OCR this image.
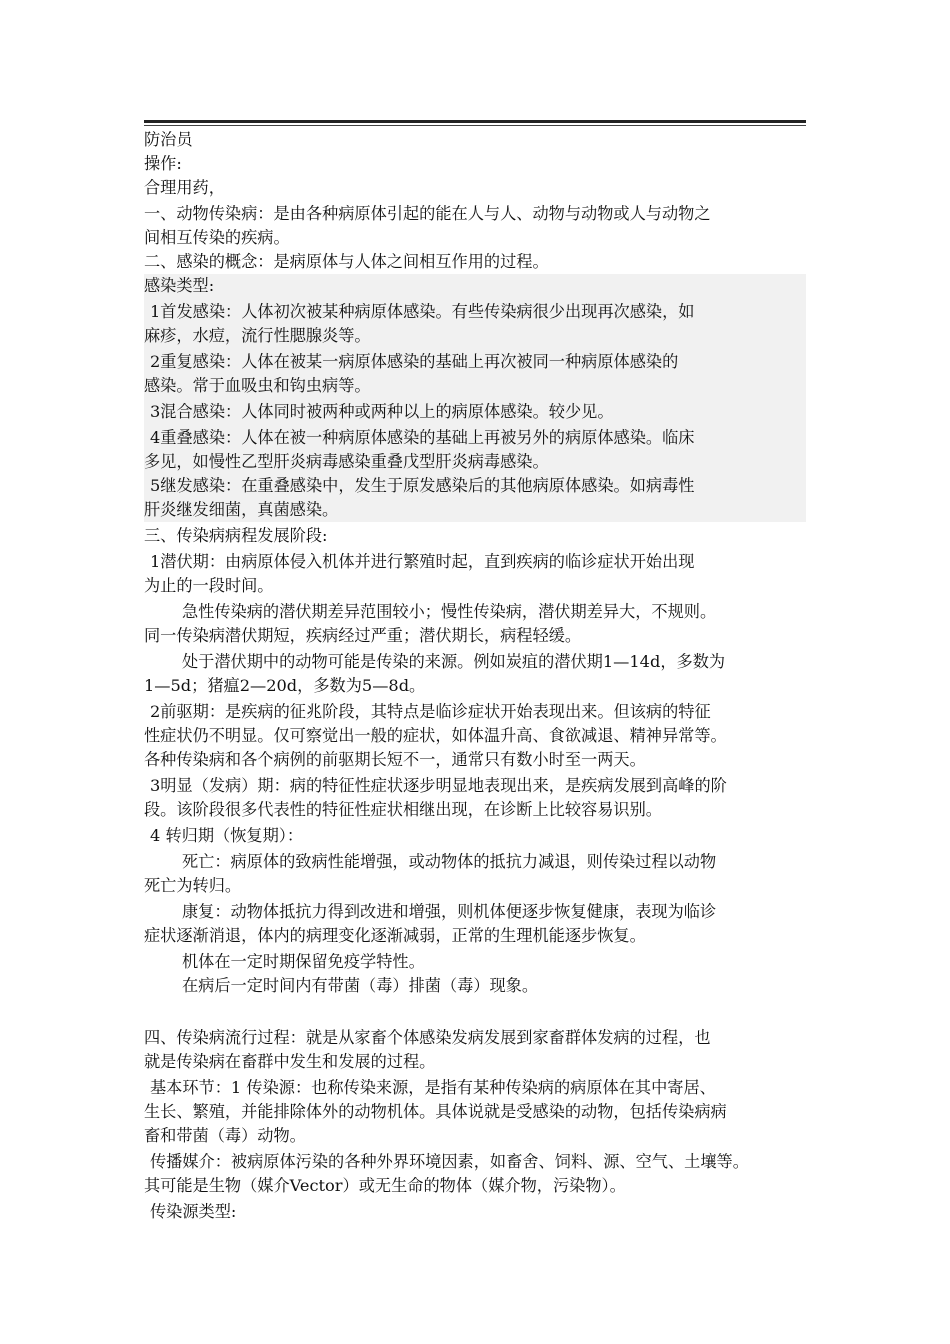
防治员
操作:
合理用药，
一、动物传染病：是由各种病原体引起的能在人与人、动物与动物或人与动物之
间相互传染的疾病。
二、感染的概念：是病原体与人体之间相互作用的过程。
感染类型:
1首发感染：人体初次被某种病原体感染。有些传染病很少出现再次感染，如
麻疹，水痘，流行性腮腺炎等。
2重复感染：人体在被某一病原体感染的基础上再次被同一种病原体感染的
感染。常于血吸虫和钩虫病等。
3混合感染：人体同时被两种或两种以上的病原体感染。较少见。
4重叠感染：人体在被一种病原体感染的基础上再被另外的病原体感染。临床
多见，如慢性乙型肝炎病毒感染重叠戊型肝炎病毒感染。
5继发感染：在重叠感染中，发生于原发感染后的其他病原体感染。如病毒性
肝炎继发细菌，真菌感染。
三、传染病病程发展阶段:
1潜伏期：由病原体侵入机体并进行繁殖时起，直到疾病的临诊症状开始出现
为止的一段时间。
急性传染病的潜伏期差异范围较小；慢性传染病，潜伏期差异大，不规则。
同一传染病潜伏期短，疾病经过严重；潜伏期长，病程轻缓。
处于潜伏期中的动物可能是传染的来源。例如炭疽的潜伏期1—14d，多数为
1—5d；猪瘟2—20d，多数为5—8d。
2前驱期：是疾病的征兆阶段，其特点是临诊症状开始表现出来。但该病的特征
性症状仍不明显。仅可察觉出一般的症状，如体温升高、食欲减退、精神异常等。
各种传染病和各个病例的前驱期长短不一，通常只有数小时至一两天。
3明显（发病）期：病的特征性症状逐步明显地表现出来，是疾病发展到高峰的阶
段。该阶段很多代表性的特征性症状相继出现，在诊断上比较容易识别。
4 转归期（恢复期）：
死亡：病原体的致病性能增强，或动物体的抵抗力减退，则传染过程以动物
死亡为转归。
康复：动物体抵抗力得到改进和增强，则机体便逐步恢复健康，表现为临诊
症状逐渐消退，体内的病理变化逐渐减弱，正常的生理机能逐步恢复。
机体在一定时期保留免疫学特性。
在病后一定时间内有带菌（毒）排菌（毒）现象。
四、传染病流行过程：就是从家畜个体感染发病发展到家畜群体发病的过程，也
就是传染病在畜群中发生和发展的过程。
基本环节：1 传染源：也称传染来源，是指有某种传染病的病原体在其中寄居、
生长、繁殖，并能排除体外的动物机体。具体说就是受感染的动物，包括传染病病
畜和带菌（毒）动物。
传播媒介：被病原体污染的各种外界环境因素，如畜舍、饲料、源、空气、土壤等。
其可能是生物（媒介Vector）或无生命的物体（媒介物，污染物）。
传染源类型:
